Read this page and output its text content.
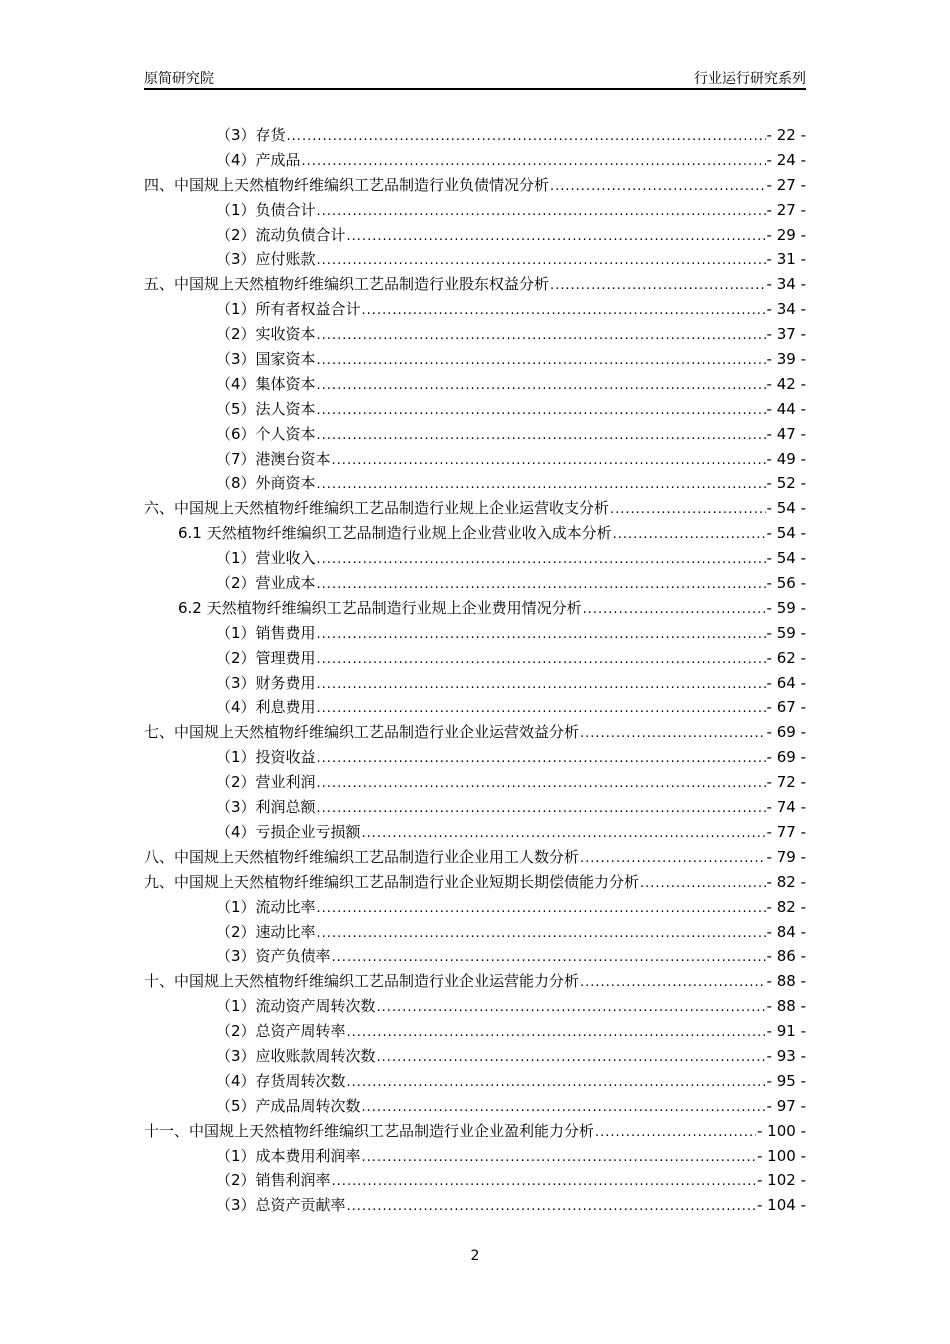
原简研究院	行业运行研究系列
（3）存货 .....	- 22 -
（4）产成品 .....	- 24 -
四、中国规上天然植物纤维编织工艺品制造行业负债情况分析 .....	- 27 -
（1）负债合计 .....	- 27 -
（2）流动负债合计 .....	- 29 -
（3）应付账款 .....	- 31 -
五、中国规上天然植物纤维编织工艺品制造行业股东权益分析 .....	- 34 -
（1）所有者权益合计 .....	- 34 -
（2）实收资本 .....	- 37 -
（3）国家资本 .....	- 39 -
（4）集体资本 .....	- 42 -
（5）法人资本 .....	- 44 -
（6）个人资本 .....	- 47 -
（7）港澳台资本 .....	- 49 -
（8）外商资本 .....	- 52 -
六、中国规上天然植物纤维编织工艺品制造行业规上企业运营收支分析 .....	- 54 -
6.1 天然植物纤维编织工艺品制造行业规上企业营业收入成本分析 .....	- 54 -
（1）营业收入 .....	- 54 -
（2）营业成本 .....	- 56 -
6.2 天然植物纤维编织工艺品制造行业规上企业费用情况分析 .....	- 59 -
（1）销售费用 .....	- 59 -
（2）管理费用 .....	- 62 -
（3）财务费用 .....	- 64 -
（4）利息费用 .....	- 67 -
七、中国规上天然植物纤维编织工艺品制造行业企业运营效益分析 .....	- 69 -
（1）投资收益 .....	- 69 -
（2）营业利润 .....	- 72 -
（3）利润总额 .....	- 74 -
（4）亏损企业亏损额 .....	- 77 -
八、中国规上天然植物纤维编织工艺品制造行业企业用工人数分析 .....	- 79 -
九、中国规上天然植物纤维编织工艺品制造行业企业短期长期偿债能力分析 .....	- 82 -
（1）流动比率 .....	- 82 -
（2）速动比率 .....	- 84 -
（3）资产负债率 .....	- 86 -
十、中国规上天然植物纤维编织工艺品制造行业企业运营能力分析 .....	- 88 -
（1）流动资产周转次数 .....	- 88 -
（2）总资产周转率 .....	- 91 -
（3）应收账款周转次数 .....	- 93 -
（4）存货周转次数 .....	- 95 -
（5）产成品周转次数 .....	- 97 -
十一、中国规上天然植物纤维编织工艺品制造行业企业盈利能力分析 .....	- 100 -
（1）成本费用利润率 .....	- 100 -
（2）销售利润率 .....	- 102 -
（3）总资产贡献率 .....	- 104 -
2
